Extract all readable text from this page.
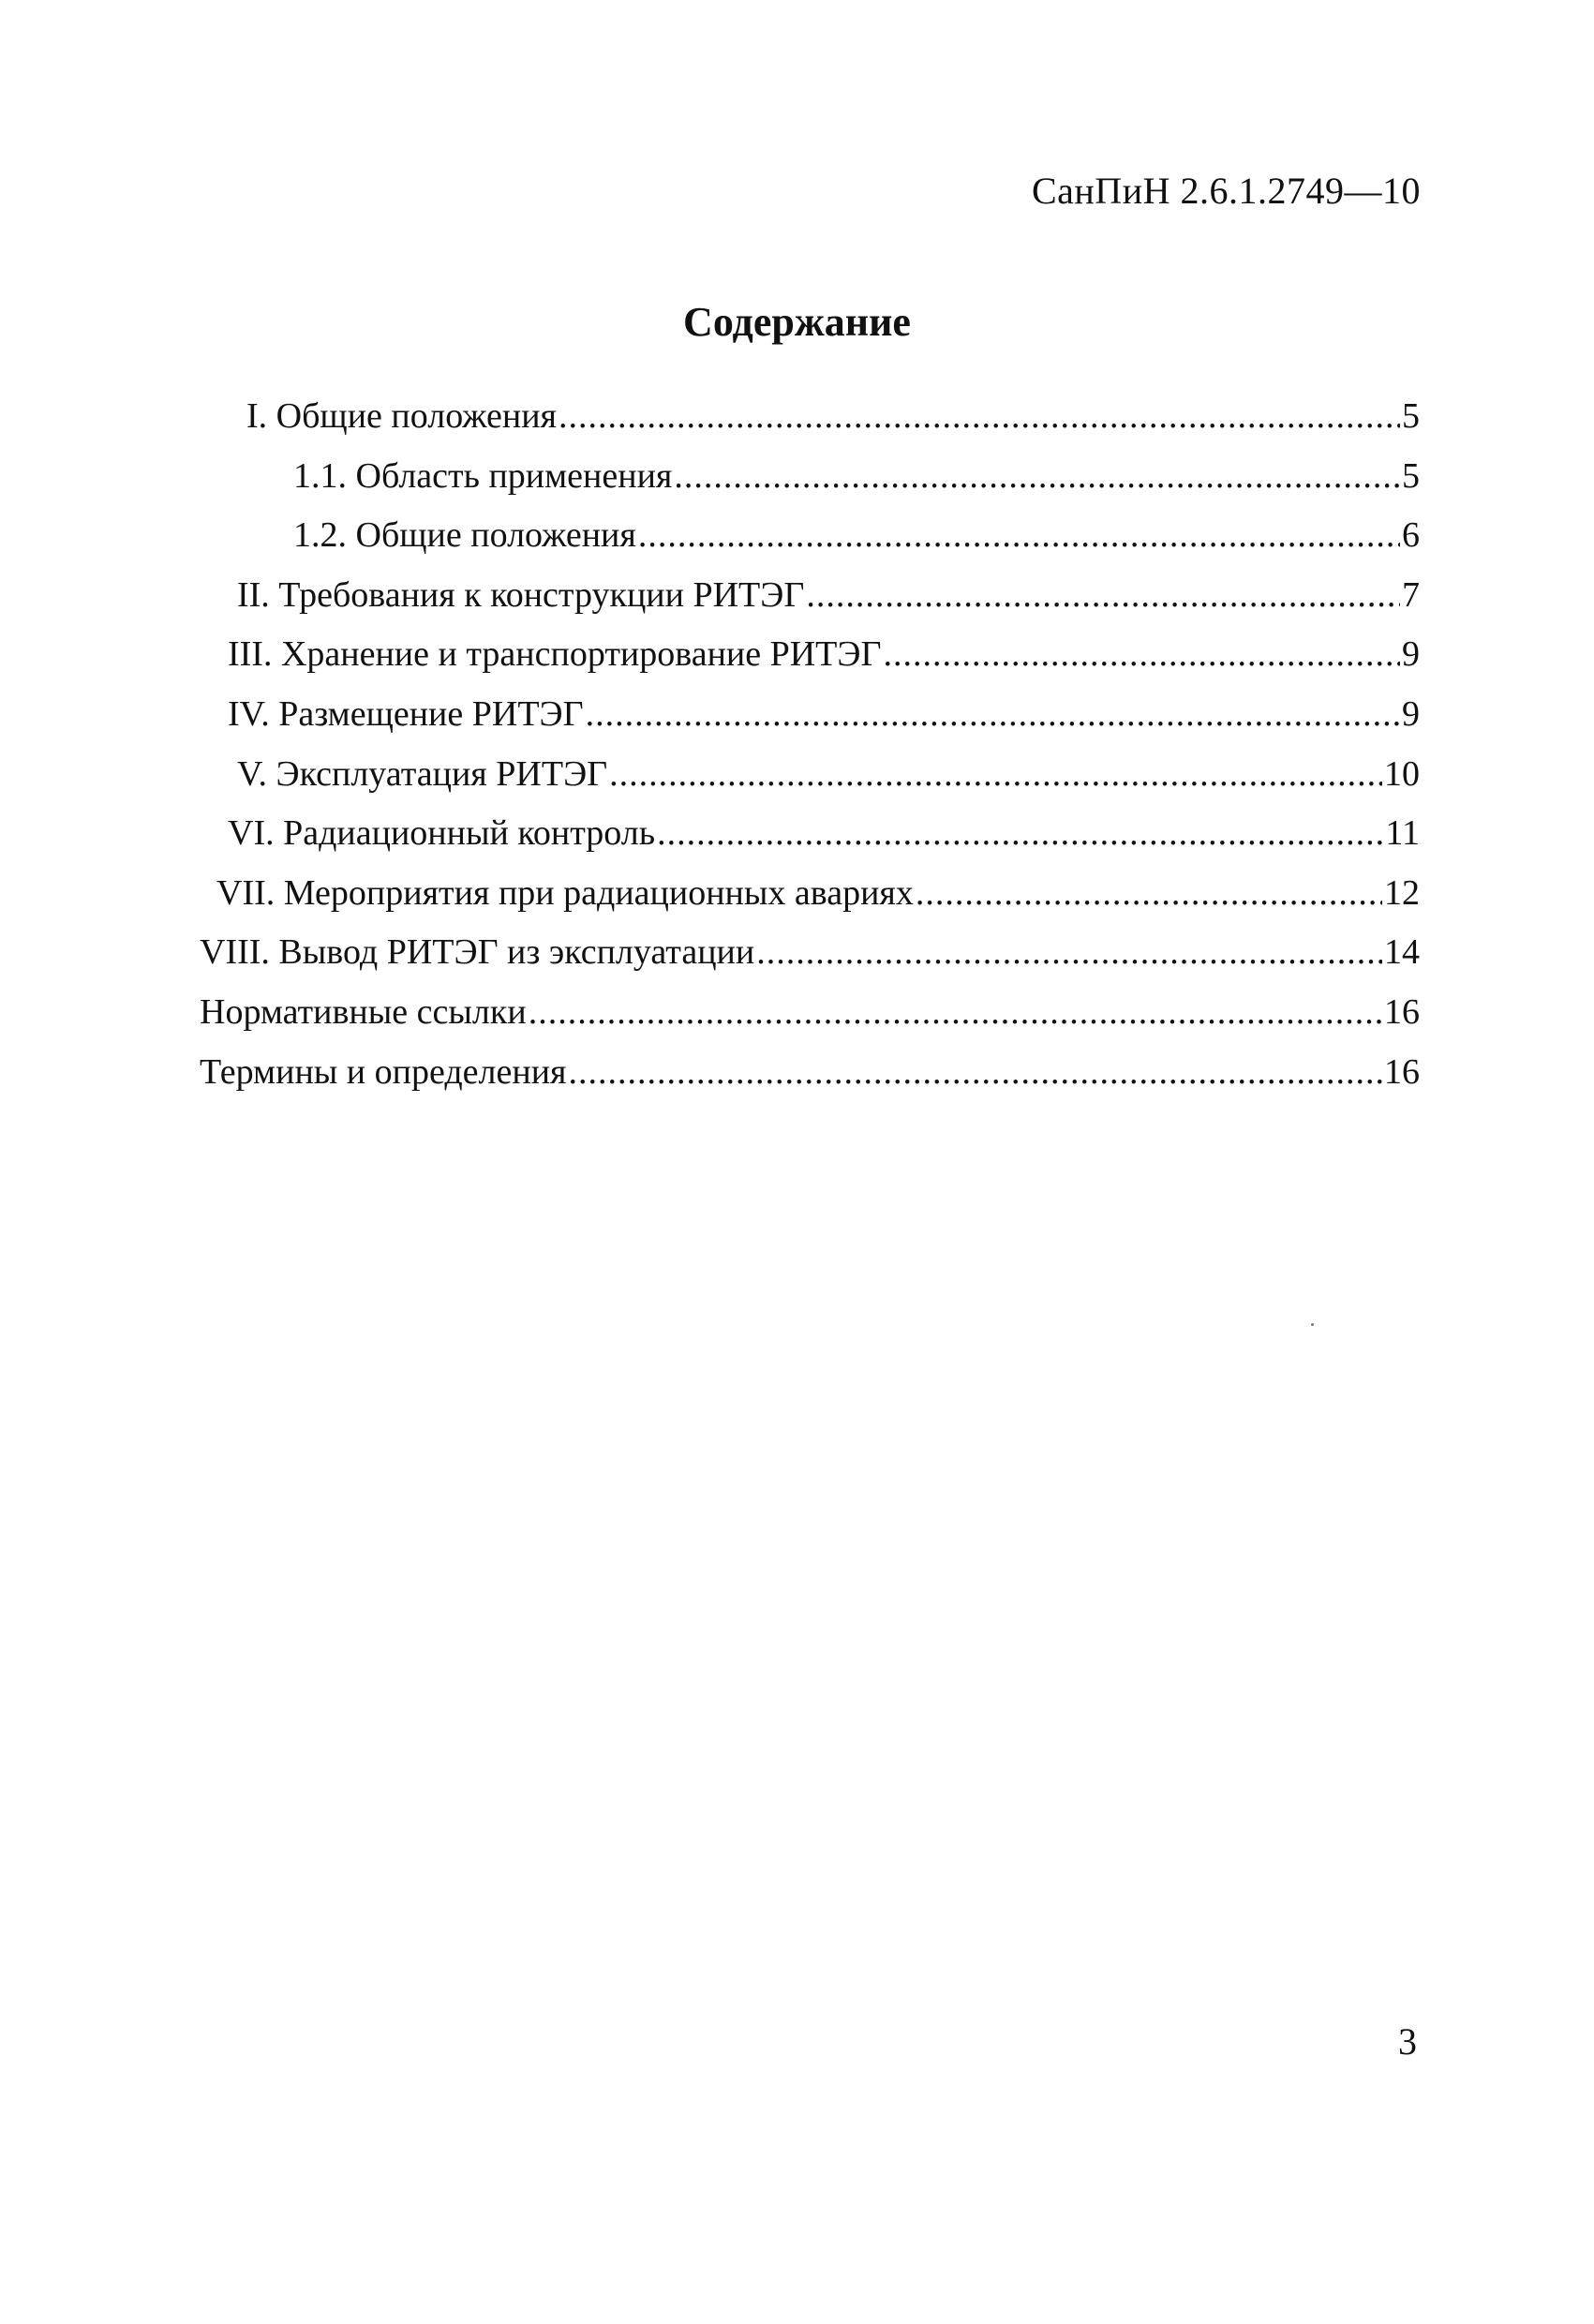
СанПиН 2.6.1.2749—10
Содержание
I. Общие положения .....	5
1.1. Область применения .....	5
1.2. Общие положения .....	6
II. Требования к конструкции РИТЭГ .....	7
III. Хранение и транспортирование РИТЭГ .....	9
IV. Размещение РИТЭГ .....	9
V. Эксплуатация РИТЭГ .....	10
VI. Радиационный контроль .....	11
VII. Мероприятия при радиационных авариях .....	12
VIII. Вывод РИТЭГ из эксплуатации .....	14
Нормативные ссылки .....	16
Термины и определения .....	16
3
